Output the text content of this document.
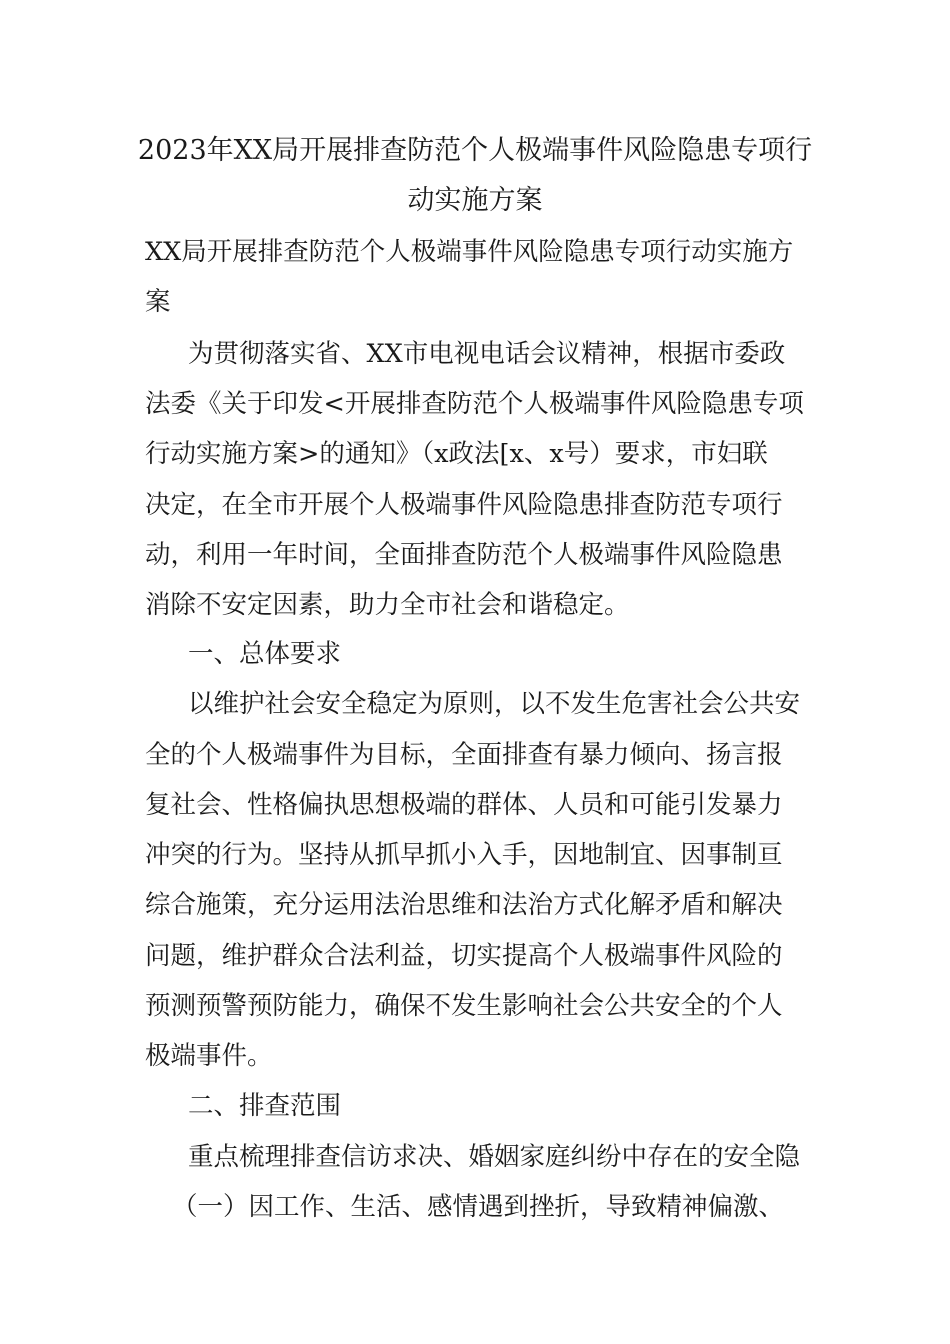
2023年XX局开展排查防范个人极端事件风险隐患专项行
动实施方案
XX局开展排查防范个人极端事件风险隐患专项行动实施方
案
为贯彻落实省、XX市电视电话会议精神，根据市委政
法委《关于印发<开展排查防范个人极端事件风险隐患专项
行动实施方案>的通知》（x政法[x、x号）要求，市妇联
决定，在全市开展个人极端事件风险隐患排查防范专项行
动，利用一年时间，全面排查防范个人极端事件风险隐患
消除不安定因素，助力全市社会和谐稳定。
一、总体要求
以维护社会安全稳定为原则，以不发生危害社会公共安
全的个人极端事件为目标，全面排查有暴力倾向、扬言报
复社会、性格偏执思想极端的群体、人员和可能引发暴力
冲突的行为。坚持从抓早抓小入手，因地制宜、因事制亘
综合施策，充分运用法治思维和法治方式化解矛盾和解决
问题，维护群众合法利益，切实提高个人极端事件风险的
预测预警预防能力，确保不发生影响社会公共安全的个人
极端事件。
二、排查范围
重点梳理排查信访求决、婚姻家庭纠纷中存在的安全隐
（一）因工作、生活、感情遇到挫折，导致精神偏激、
